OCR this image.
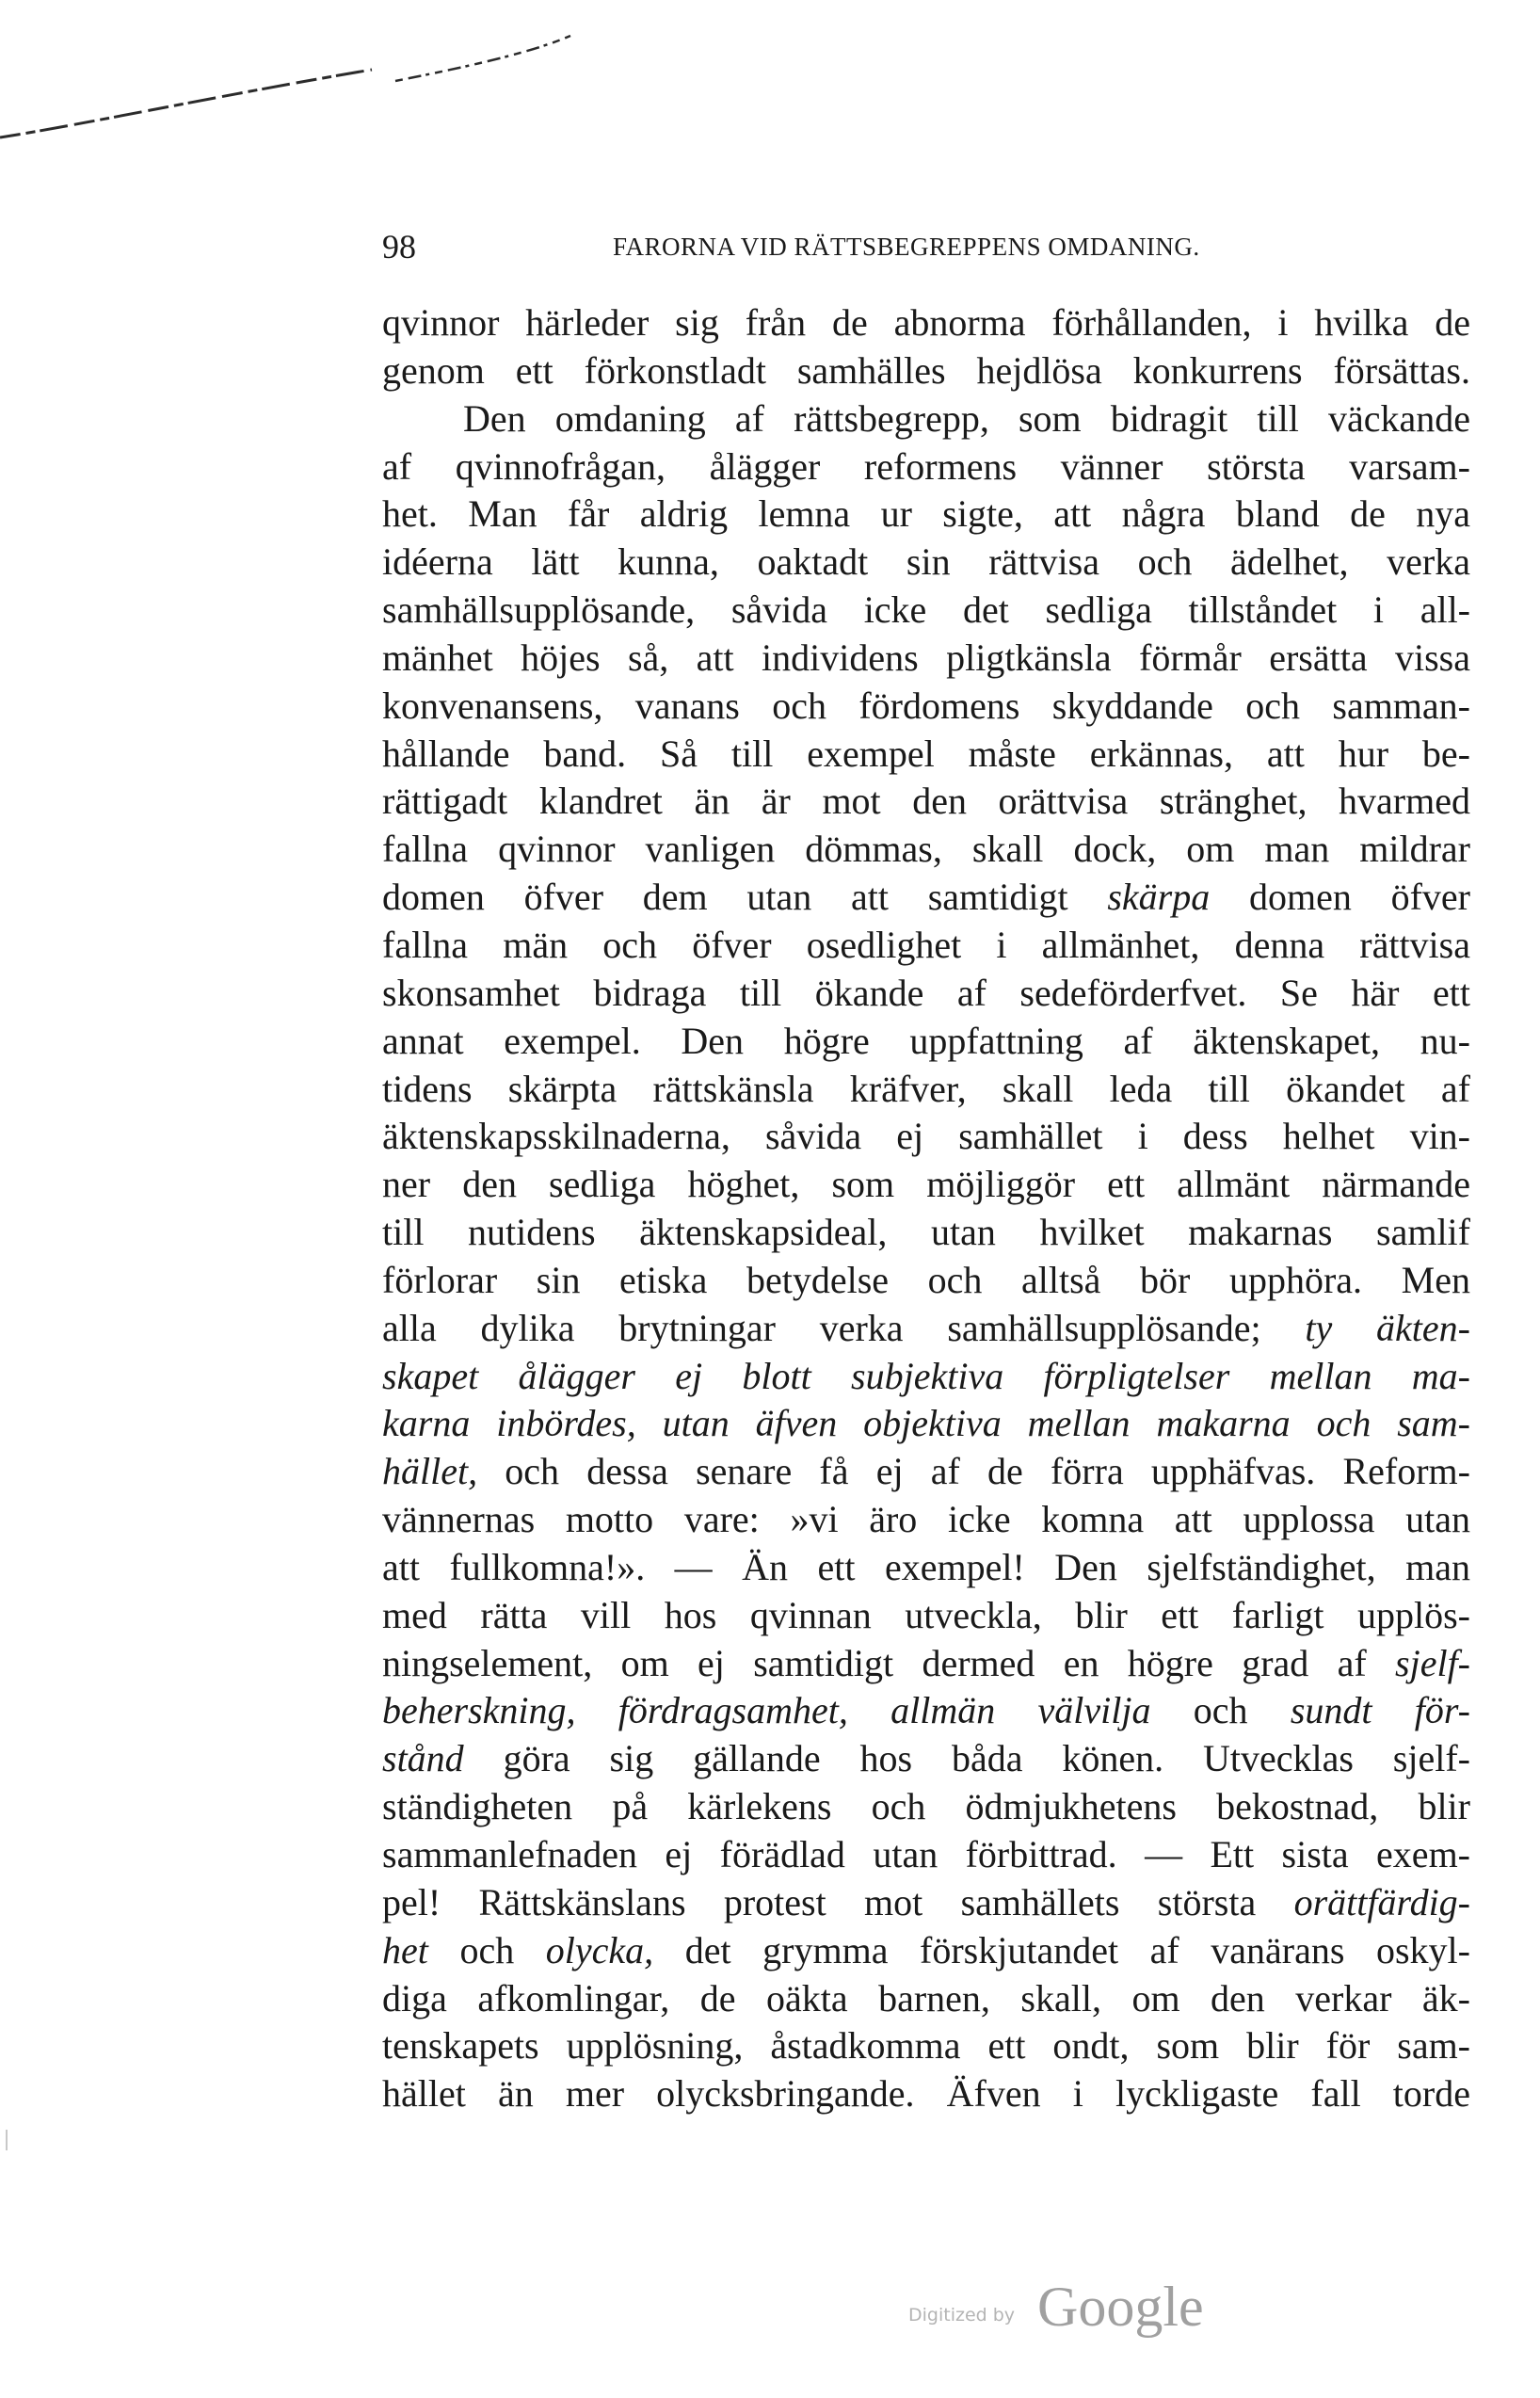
98	FARORNA VID RÄTTSBEGREPPENS OMDANING.
qvinnor härleder sig från de abnorma förhållanden, i hvilka de
genom ett förkonstladt samhälles hejdlösa konkurrens försättas.
Den omdaning af rättsbegrepp, som bidragit till väckande
af qvinnofrågan, ålägger reformens vänner största varsam-
het. Man får aldrig lemna ur sigte, att några bland de nya
idéerna lätt kunna, oaktadt sin rättvisa och ädelhet, verka
samhällsupplösande, såvida icke det sedliga tillståndet i all-
mänhet höjes så, att individens pligtkänsla förmår ersätta vissa
konvenansens, vanans och fördomens skyddande och samman-
hållande band. Så till exempel måste erkännas, att hur be-
rättigadt klandret än är mot den orättvisa stränghet, hvarmed
fallna qvinnor vanligen dömmas, skall dock, om man mildrar
domen öfver dem utan att samtidigt skärpa domen öfver
fallna män och öfver osedlighet i allmänhet, denna rättvisa
skonsamhet bidraga till ökande af sedeförderfvet. Se här ett
annat exempel. Den högre uppfattning af äktenskapet, nu-
tidens skärpta rättskänsla kräfver, skall leda till ökandet af
äktenskapsskilnaderna, såvida ej samhället i dess helhet vin-
ner den sedliga höghet, som möjliggör ett allmänt närmande
till nutidens äktenskapsideal, utan hvilket makarnas samlif
förlorar sin etiska betydelse och alltså bör upphöra. Men
alla dylika brytningar verka samhällsupplösande; ty äkten-
skapet ålägger ej blott subjektiva förpligtelser mellan ma-
karna inbördes, utan äfven objektiva mellan makarna och sam-
hället, och dessa senare få ej af de förra upphäfvas. Reform-
vännernas motto vare: »vi äro icke komna att upplossa utan
att fullkomna!». — Än ett exempel! Den sjelfständighet, man
med rätta vill hos qvinnan utveckla, blir ett farligt upplös-
ningselement, om ej samtidigt dermed en högre grad af sjelf-
beherskning, fördragsamhet, allmän välvilja och sundt för-
stånd göra sig gällande hos båda könen. Utvecklas sjelf-
ständigheten på kärlekens och ödmjukhetens bekostnad, blir
sammanlefnaden ej förädlad utan förbittrad. — Ett sista exem-
pel! Rättskänslans protest mot samhällets största orättfärdig-
het och olycka, det grymma förskjutandet af vanärans oskyl-
diga afkomlingar, de oäkta barnen, skall, om den verkar äk-
tenskapets upplösning, åstadkomma ett ondt, som blir för sam-
hället än mer olycksbringande. Äfven i lyckligaste fall torde
Digitized by Google
